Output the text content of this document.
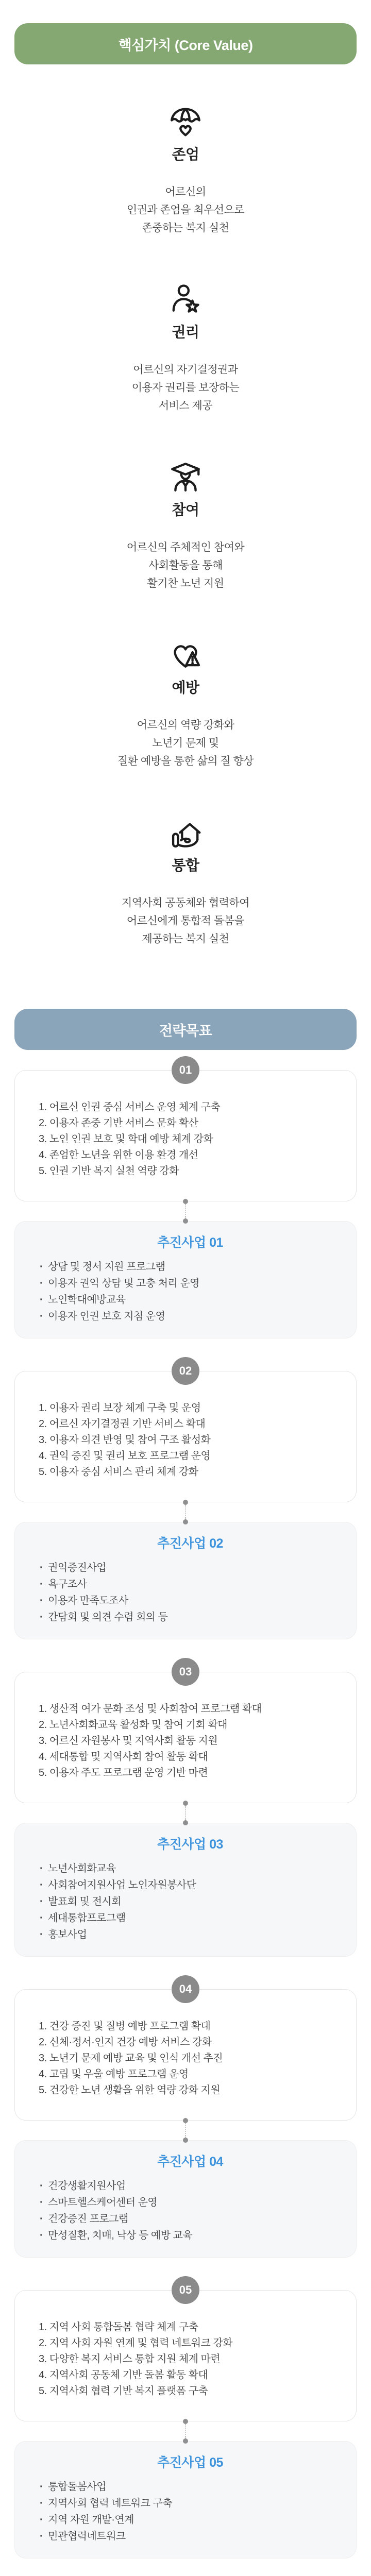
핵심가치 (Core Value)
존엄
어르신의
인권과 존엄을 최우선으로
존중하는 복지 실천
권리
어르신의 자기결정권과
이용자 권리를 보장하는
서비스 제공
참여
어르신의 주체적인 참여와
사회활동을 통해
활기찬 노년 지원
예방
어르신의 역량 강화와
노년기 문제 및
질환 예방을 통한 삶의 질 향상
통합
지역사회 공동체와 협력하여
어르신에게 통합적 돌봄을
제공하는 복지 실천
전략목표
01

1. 어르신 인권 중심 서비스 운영 체계 구축

2. 이용자 존중 기반 서비스 문화 확산

3. 노인 인권 보호 및 학대 예방 체계 강화

4. 존엄한 노년을 위한 이용 환경 개선

5. 인권 기반 복지 실천 역량 강화

추진사업 01

· 상담 및 정서 지원 프로그램

· 이용자 권익 상담 및 고충 처리 운영

· 노인학대예방교육

· 이용자 인권 보호 지침 운영

02

1. 이용자 권리 보장 체계 구축 및 운영

2. 어르신 자기결정권 기반 서비스 확대

3. 이용자 의견 반영 및 참여 구조 활성화

4. 권익 증진 및 권리 보호 프로그램 운영

5. 이용자 중심 서비스 관리 체계 강화

추진사업 02

· 권익증진사업

· 욕구조사

· 이용자 만족도조사

· 간담회 및 의견 수렴 회의 등

03

1. 생산적 여가 문화 조성 및 사회참여 프로그램 확대

2. 노년사회화교육 활성화 및 참여 기회 확대

3. 어르신 자원봉사 및 지역사회 활동 지원

4. 세대통합 및 지역사회 참여 활동 확대

5. 이용자 주도 프로그램 운영 기반 마련

추진사업 03

· 노년사회화교육

· 사회참여지원사업 노인자원봉사단

· 발표회 및 전시회

· 세대통합프로그램

· 홍보사업

04

1. 건강 증진 및 질병 예방 프로그램 확대

2. 신체·정서·인지 건강 예방 서비스 강화

3. 노년기 문제 예방 교육 및 인식 개선 추진

4. 고립 및 우울 예방 프로그램 운영

5. 건강한 노년 생활을 위한 역량 강화 지원

추진사업 04

· 건강생활지원사업

· 스마트헬스케어센터 운영

· 건강증진 프로그램

· 만성질환, 치매, 낙상 등 예방 교육

05

1. 지역 사회 통합돌봄 협략 체계 구축

2. 지역 사회 자원 연계 및 협력 네트워크 강화

3. 다양한 복지 서비스 통합 지원 체계 마련

4. 지역사회 공동체 기반 돌봄 활동 확대

5. 지역사회 협력 기반 복지 플랫폼 구축

추진사업 05

· 통합돌봄사업

· 지역사회 협력 네트워크 구축

· 지역 자원 개발·연계

· 민관협력네트워크
